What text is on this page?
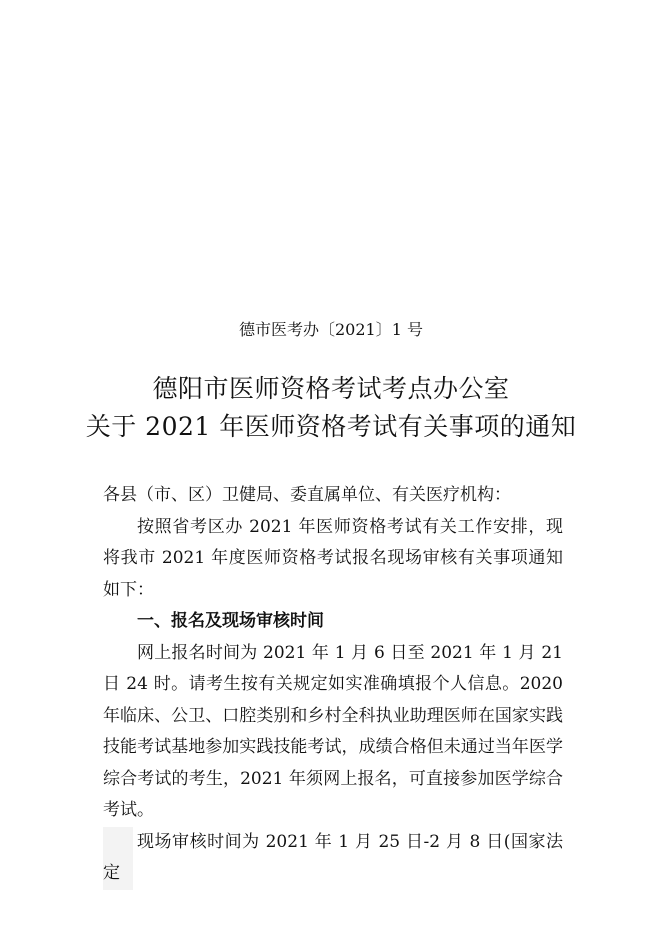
德市医考办〔2021〕1 号
德阳市医师资格考试考点办公室
关于 2021 年医师资格考试有关事项的通知

各县（市、区）卫健局、委直属单位、有关医疗机构：

按照省考区办 2021 年医师资格考试有关工作安排，现将我市 2021 年度医师资格考试报名现场审核有关事项通知如下：

一、报名及现场审核时间

网上报名时间为 2021 年 1 月 6 日至 2021 年 1 月 21 日 24 时。请考生按有关规定如实准确填报个人信息。2020 年临床、公卫、口腔类别和乡村全科执业助理医师在国家实践技能考试基地参加实践技能考试，成绩合格但未通过当年医学综合考试的考生，2021 年须网上报名，可直接参加医学综合考试。

现场审核时间为 2021 年 1 月 25 日-2 月 8 日(国家法定
